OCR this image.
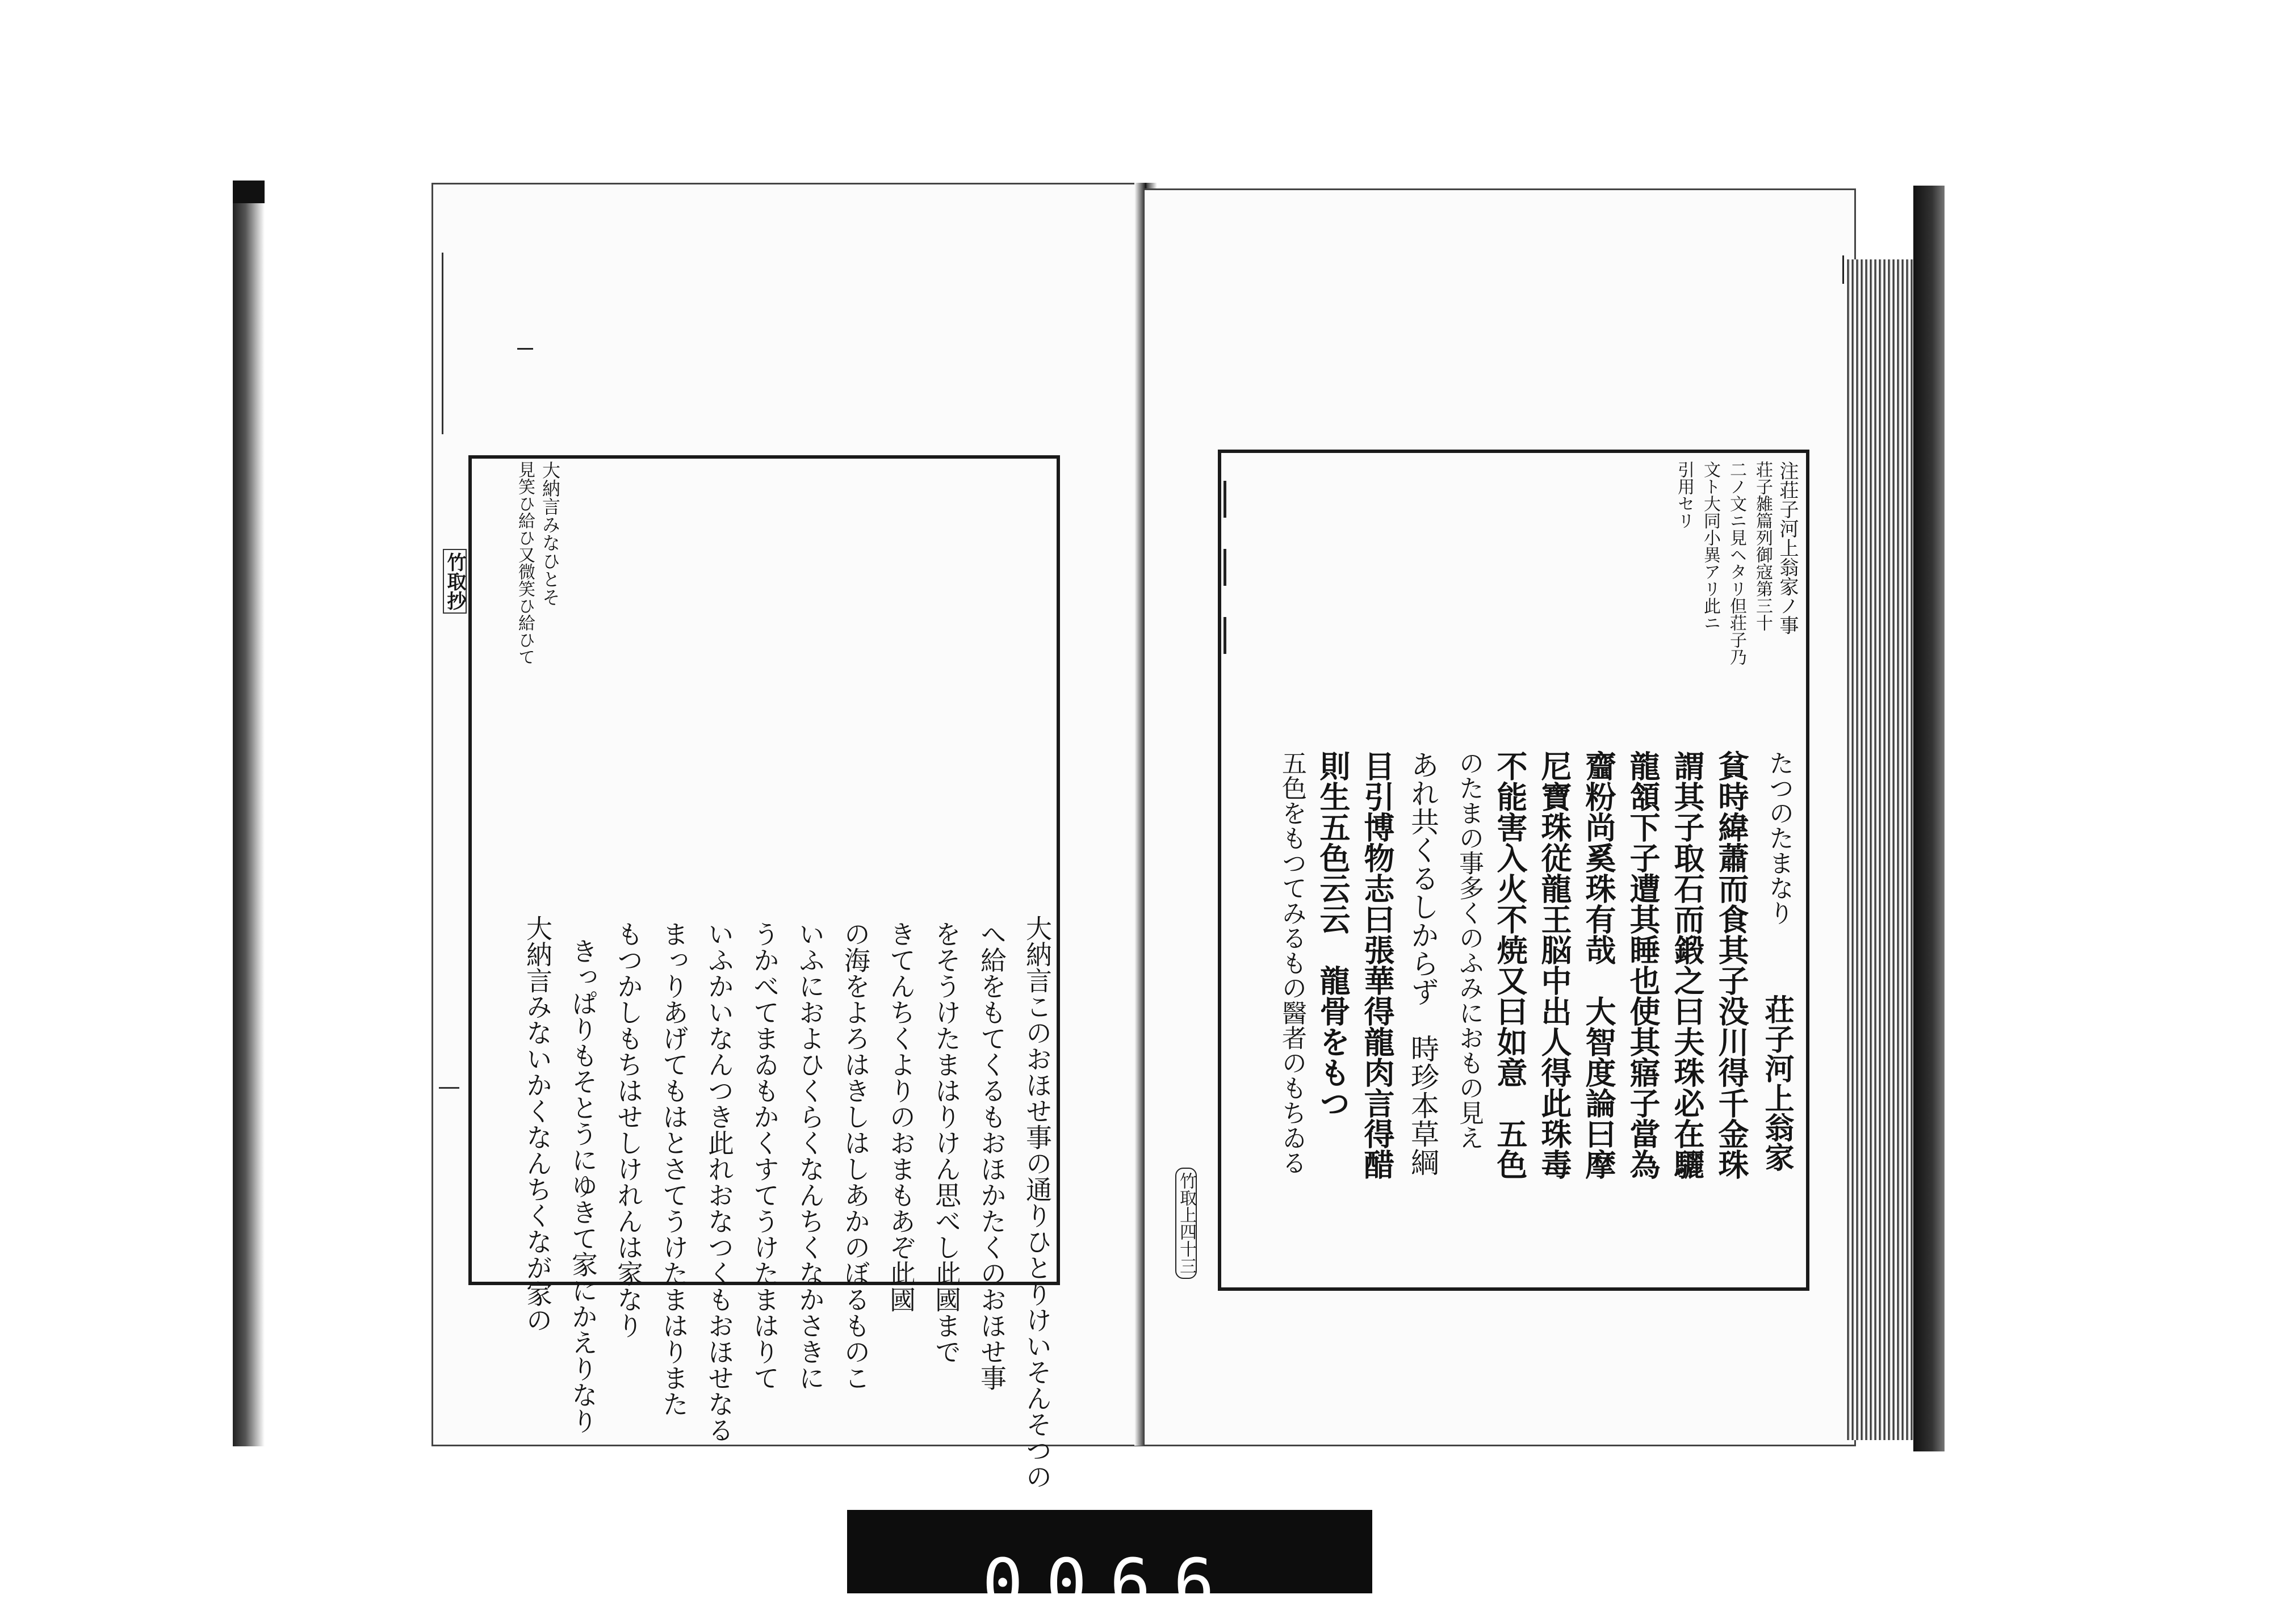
大納言みなひとそ
見笑ひ給ひ又微笑ひ給ひて
竹取抄
大納言このおほせ事の通りひとりけいそんそつの
へ給をもてくるもおほかたくのおほせ事
をそうけたまはりけん思べし此國まで
きてんちくよりのおまもあぞ此國
の海をよろはきしはしあかのぼるものこ
いふにおよひくらくなんちくなかさきに
うかべてまゐもかくすてうけたまはりて
いふかいなんつき此れおなつくもおほせなる
まっりあげてもはとさてうけたまはりまた
もつかしもちはせしけれんは家なり
きっぱりもそとうにゆきて家にかえりなり
大納言みないかくなんちくなが家の
注荘子河上翁家ノ事
荘子雑篇列御寇第三十
二ノ文ニ見ヘタリ但荘子乃
文ト大同小異アリ此ニ
引用セリ
たつのたまなり
荘子河上翁家
貧時緯蕭而食其子没川得千金珠
謂其子取石而鍛之曰夫珠必在驪
龍頷下子遭其睡也使其寤子當為
齏粉尚奚珠有哉　大智度論曰摩
尼寶珠従龍王脳中出人得此珠毒
不能害入火不焼又曰如意　五色
のたまの事多くのふみにおもの見え
あれ共くるしからず　時珍本草綱
目引博物志曰張華得龍肉言得醋
則生五色云云　龍骨をもつ
五色をもつてみるもの醫者のもちゐる
竹取上四十三
0066
